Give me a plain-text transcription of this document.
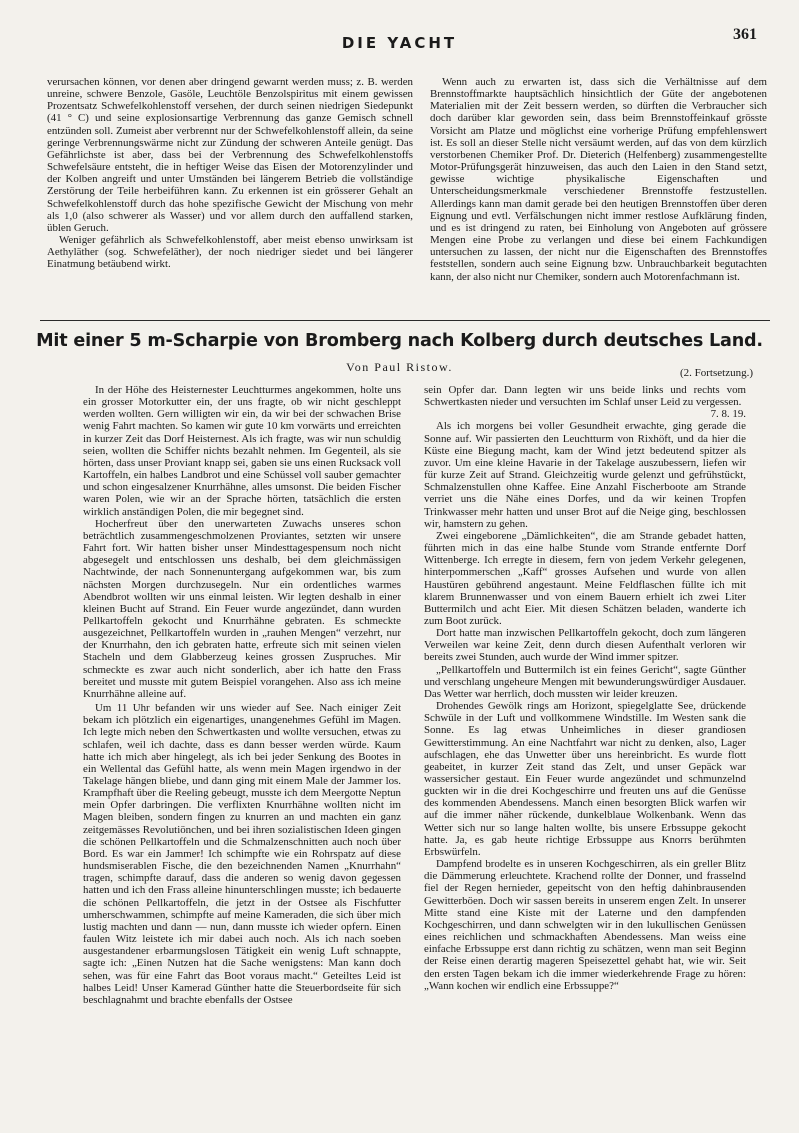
DIE YACHT	361

verursachen können, vor denen aber dringend gewarnt werden muss; z. B. werden unreine, schwere Benzole, Gasöle, Leuchtöle Benzolspiritus mit einem gewissen Prozentsatz Schwefelkohlenstoff versehen, der durch seinen niedrigen Siedepunkt (41 ° C) und seine explosionsartige Verbrennung das ganze Gemisch schnell entzünden soll. Zumeist aber verbrennt nur der Schwefelkohlenstoff allein, da seine geringe Verbrennungswärme nicht zur Zündung der schweren Anteile genügt. Das Gefährlichste ist aber, dass bei der Verbrennung des Schwefelkohlenstoffs Schwefelsäure entsteht, die in heftiger Weise das Eisen der Motorenzylinder und der Kolben angreift und unter Umständen bei längerem Betrieb die vollständige Zerstörung der Teile herbeiführen kann. Zu erkennen ist ein grösserer Gehalt an Schwefelkohlenstoff durch das hohe spezifische Gewicht der Mischung von mehr als 1,0 (also schwerer als Wasser) und vor allem durch den auffallend starken, üblen Geruch.

Weniger gefährlich als Schwefelkohlenstoff, aber meist ebenso unwirksam ist Aethyläther (sog. Schwefeläther), der noch niedriger siedet und bei längerer Einatmung betäubend wirkt.

Wenn auch zu erwarten ist, dass sich die Verhältnisse auf dem Brennstoffmarkte hauptsächlich hinsichtlich der Güte der angebotenen Materialien mit der Zeit bessern werden, so dürften die Verbraucher sich doch darüber klar geworden sein, dass beim Brennstoffeinkauf grösste Vorsicht am Platze und möglichst eine vorherige Prüfung empfehlenswert ist. Es soll an dieser Stelle nicht versäumt werden, auf das von dem kürzlich verstorbenen Chemiker Prof. Dr. Dieterich (Helfenberg) zusammengestellte Motor-Prüfungsgerät hinzuweisen, das auch den Laien in den Stand setzt, gewisse wichtige physikalische Eigenschaften und Unterscheidungsmerkmale verschiedener Brennstoffe festzustellen. Allerdings kann man damit gerade bei den heutigen Brennstoffen über deren Eignung und evtl. Verfälschungen nicht immer restlose Aufklärung finden, und es ist dringend zu raten, bei Einholung von Angeboten auf grössere Mengen eine Probe zu verlangen und diese bei einem Fachkundigen untersuchen zu lassen, der nicht nur die Eigenschaften des Brennstoffes feststellen, sondern auch seine Eignung bzw. Unbrauchbarkeit begutachten kann, der also nicht nur Chemiker, sondern auch Motorenfachmann ist.

Mit einer 5 m-Scharpie von Bromberg nach Kolberg durch deutsches Land.
Von Paul Ristow.	(2. Fortsetzung.)

In der Höhe des Heisternester Leuchtturmes angekommen, holte uns ein grosser Motorkutter ein, der uns fragte, ob wir nicht geschleppt werden wollten. Gern willigten wir ein, da wir bei der schwachen Brise wenig Fahrt machten. So kamen wir gute 10 km vorwärts und erreichten in kurzer Zeit das Dorf Heisternest. Als ich fragte, was wir nun schuldig seien, wollten die Schiffer nichts bezahlt nehmen. Im Gegenteil, als sie hörten, dass unser Proviant knapp sei, gaben sie uns einen Rucksack voll Kartoffeln, ein halbes Landbrot und eine Schüssel voll sauber gemachter und schon eingesalzener Knurrhähne, alles umsonst. Die beiden Fischer waren Polen, wie wir an der Sprache hörten, tatsächlich die ersten wirklich anständigen Polen, die mir begegnet sind.

Hocherfreut über den unerwarteten Zuwachs unseres schon beträchtlich zusammengeschmolzenen Proviantes, setzten wir unsere Fahrt fort. Wir hatten bisher unser Mindesttagespensum noch nicht abgesegelt und entschlossen uns deshalb, bei dem gleichmässigen Nachtwinde, der nach Sonnenuntergang aufgekommen war, bis zum nächsten Morgen durchzusegeln. Nur ein ordentliches warmes Abendbrot wollten wir uns einmal leisten. Wir legten deshalb in einer kleinen Bucht auf Strand. Ein Feuer wurde angezündet, dann wurden Pellkartoffeln gekocht und Knurrhähne gebraten. Es schmeckte ausgezeichnet, Pellkartoffeln wurden in „rauhen Mengen“ verzehrt, nur der Knurrhahn, den ich gebraten hatte, erfreute sich mit seinen vielen Stacheln und dem Glabberzeug keines grossen Zuspruches. Mir schmeckte es zwar auch nicht sonderlich, aber ich hatte den Frass bereitet und musste mit gutem Beispiel vorangehen. Also ass ich meine Knurrhähne alleine auf.

Um 11 Uhr befanden wir uns wieder auf See. Nach einiger Zeit bekam ich plötzlich ein eigenartiges, unangenehmes Gefühl im Magen. Ich legte mich neben den Schwertkasten und wollte versuchen, etwas zu schlafen, weil ich dachte, dass es dann besser werden würde. Kaum hatte ich mich aber hingelegt, als ich bei jeder Senkung des Bootes in ein Wellental das Gefühl hatte, als wenn mein Magen irgendwo in der Takelage hängen bliebe, und dann ging mit einem Male der Jammer los. Krampfhaft über die Reeling gebeugt, musste ich dem Meergotte Neptun mein Opfer darbringen. Die verflixten Knurrhähne wollten nicht im Magen bleiben, sondern fingen zu knurren an und machten ein ganz zeitgemässes Revolutiönchen, und bei ihren sozialistischen Ideen gingen die schönen Pellkartoffeln und die Schmalzenschnitten auch noch über Bord. Es war ein Jammer! Ich schimpfte wie ein Rohrspatz auf diese hundsmiserablen Fische, die den bezeichnenden Namen „Knurrhahn“ tragen, schimpfte darauf, dass die anderen so wenig davon gegessen hatten und ich den Frass alleine hinunterschlingen musste; ich bedauerte die schönen Pellkartoffeln, die jetzt in der Ostsee als Fischfutter umherschwammen, schimpfte auf meine Kameraden, die sich über mich lustig machten und dann — nun, dann musste ich wieder opfern. Einen faulen Witz leistete ich mir dabei auch noch. Als ich nach soeben ausgestandener erbarmungslosen Tätigkeit ein wenig Luft schnappte, sagte ich: „Einen Nutzen hat die Sache wenigstens: Man kann doch sehen, was für eine Fahrt das Boot voraus macht.“ Geteiltes Leid ist halbes Leid! Unser Kamerad Günther hatte die Steuerbordseite für sich beschlagnahmt und brachte ebenfalls der Ostsee

sein Opfer dar. Dann legten wir uns beide links und rechts vom Schwertkasten nieder und versuchten im Schlaf unser Leid zu vergessen.

7. 8. 19.

Als ich morgens bei voller Gesundheit erwachte, ging gerade die Sonne auf. Wir passierten den Leuchtturm von Rixhöft, und da hier die Küste eine Biegung macht, kam der Wind jetzt bedeutend spitzer als zuvor. Um eine kleine Havarie in der Takelage auszubessern, liefen wir für kurze Zeit auf Strand. Gleichzeitig wurde gelenzt und gefrühstückt, Schmalzenstullen ohne Kaffee. Eine Anzahl Fischerboote am Strande verriet uns die Nähe eines Dorfes, und da wir keinen Tropfen Trinkwasser mehr hatten und unser Brot auf die Neige ging, beschlossen wir, hamstern zu gehen.

Zwei eingeborene „Dämlichkeiten“, die am Strande gebadet hatten, führten mich in das eine halbe Stunde vom Strande entfernte Dorf Wittenberge. Ich erregte in diesem, fern von jedem Verkehr gelegenen, hinterpommerschen „Kaff“ grosses Aufsehen und wurde von allen Haustüren gebührend angestaunt. Meine Feldflaschen füllte ich mit klarem Brunnenwasser und von einem Bauern erhielt ich zwei Liter Buttermilch und acht Eier. Mit diesen Schätzen beladen, wanderte ich zum Boot zurück.

Dort hatte man inzwischen Pellkartoffeln gekocht, doch zum längeren Verweilen war keine Zeit, denn durch diesen Aufenthalt verloren wir bereits zwei Stunden, auch wurde der Wind immer spitzer.

„Pellkartoffeln und Buttermilch ist ein feines Gericht“, sagte Günther und verschlang ungeheure Mengen mit bewunderungswürdiger Ausdauer. Das Wetter war herrlich, doch mussten wir leider kreuzen.

Drohendes Gewölk rings am Horizont, spiegelglatte See, drückende Schwüle in der Luft und vollkommene Windstille. Im Westen sank die Sonne. Es lag etwas Unheimliches in dieser grandiosen Gewitterstimmung. An eine Nachtfahrt war nicht zu denken, also, Lager aufschlagen, ehe das Unwetter über uns hereinbricht. Es wurde flott geabeitet, in kurzer Zeit stand das Zelt, und unser Gepäck war wassersicher gestaut. Ein Feuer wurde angezündet und schmunzelnd guckten wir in die drei Kochgeschirre und freuten uns auf die Genüsse des kommenden Abendessens. Manch einen besorgten Blick warfen wir auf die immer näher rückende, dunkelblaue Wolkenbank. Wenn das Wetter sich nur so lange halten wollte, bis unsere Erbssuppe gekocht hatte. Ja, es gab heute richtige Erbssuppe aus Knorrs berühmten Erbswürfeln.

Dampfend brodelte es in unseren Kochgeschirren, als ein greller Blitz die Dämmerung erleuchtete. Krachend rollte der Donner, und frasselnd fiel der Regen hernieder, gepeitscht von den heftig dahinbrausenden Gewitterböen. Doch wir sassen bereits in unserem engen Zelt. In unserer Mitte stand eine Kiste mit der Laterne und den dampfenden Kochgeschirren, und dann schwelgten wir in den lukullischen Genüssen eines reichlichen und schmackhaften Abendessens. Man weiss eine einfache Erbssuppe erst dann richtig zu schätzen, wenn man seit Beginn der Reise einen derartig mageren Speisezettel gehabt hat, wie wir. Seit den ersten Tagen bekam ich die immer wiederkehrende Frage zu hören: „Wann kochen wir endlich eine Erbssuppe?“
